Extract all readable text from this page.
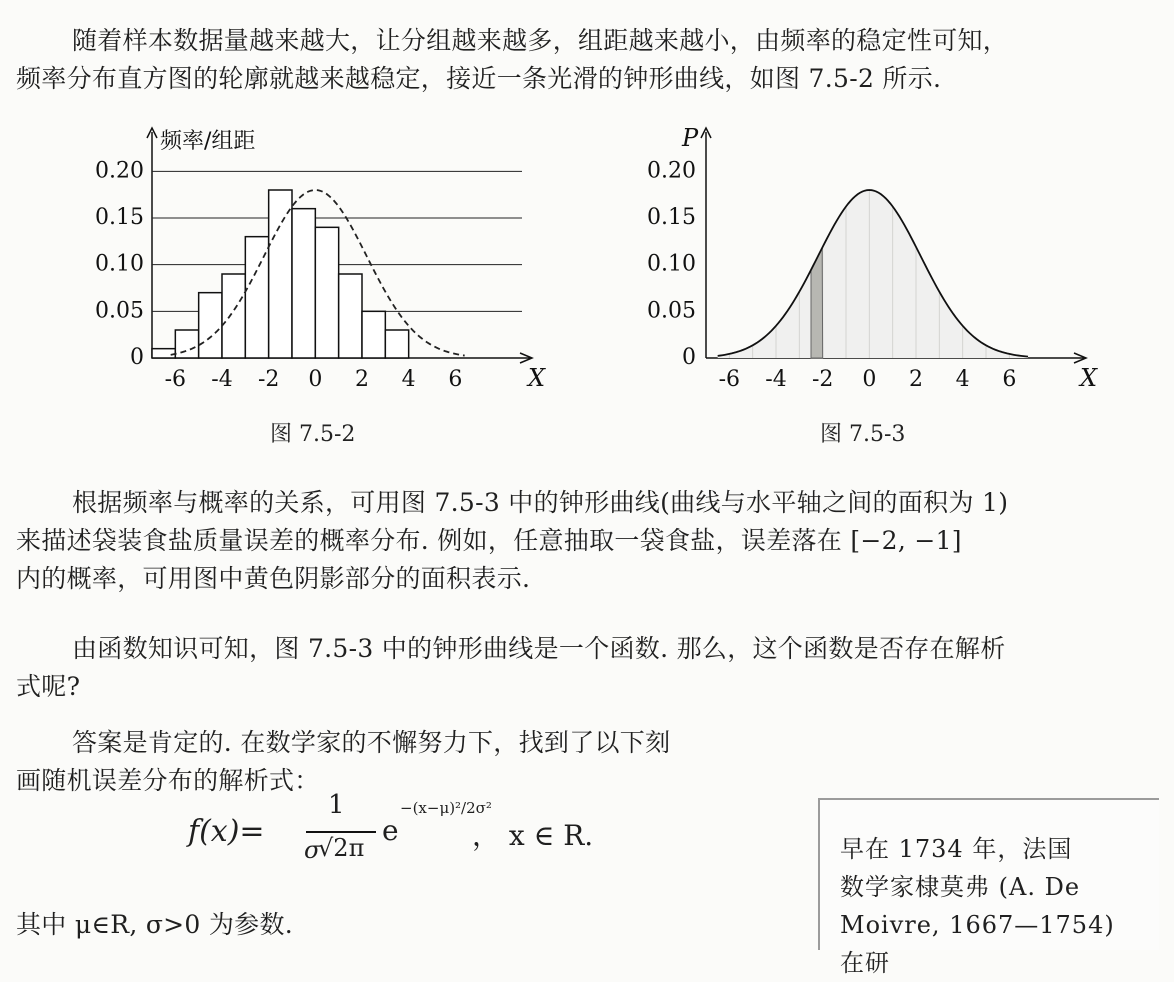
随着样本数据量越来越大，让分组越来越多，组距越来越小，由频率的稳定性可知，
频率分布直方图的轮廓就越来越稳定，接近一条光滑的钟形曲线，如图 7.5-2 所示.
0
0.05
0.10
0.15
0.20
-6 -4 -2 0 2 4 6	X
频率/组距
图 7.5-2
0
0.05
0.10
0.15
0.20
-6 -4 -2 0 2 4 6	X
P
图 7.5-3
根据频率与概率的关系，可用图 7.5-3 中的钟形曲线(曲线与水平轴之间的面积为 1)
来描述袋装食盐质量误差的概率分布. 例如，任意抽取一袋食盐，误差落在 [−2, −1]
内的概率，可用图中黄色阴影部分的面积表示.
由函数知识可知，图 7.5-3 中的钟形曲线是一个函数. 那么，这个函数是否存在解析
式呢?
答案是肯定的. 在数学家的不懈努力下，找到了以下刻
画随机误差分布的解析式：
f(x)=
1
σ
√2π
e
−(x−μ)²/2σ²
， x ∈ R.
其中 μ∈R, σ>0 为参数.
早在 1734 年，法国
数学家棣莫弗 (A. De
Moivre, 1667—1754) 在研
